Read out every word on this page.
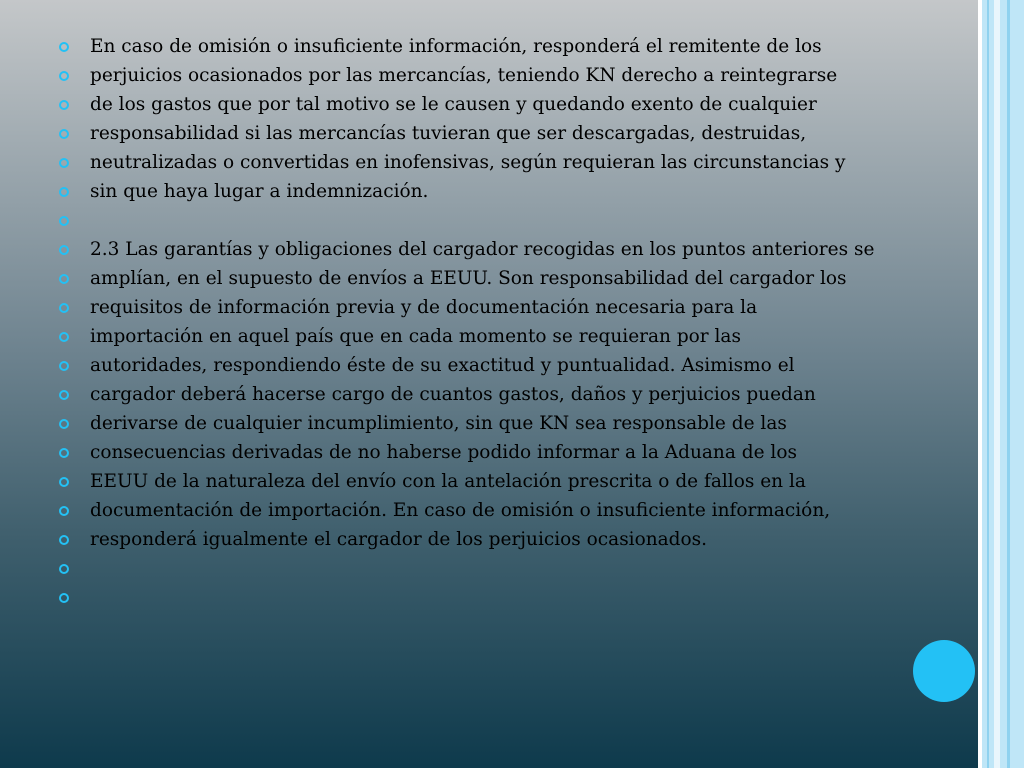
En caso de omisión o insuficiente información, responderá el remitente de los
perjuicios ocasionados por las mercancías, teniendo KN derecho a reintegrarse
de los gastos que por tal motivo se le causen y quedando exento de cualquier
responsabilidad si las mercancías tuvieran que ser descargadas, destruidas,
neutralizadas o convertidas en inofensivas, según requieran las circunstancias y
sin que haya lugar a indemnización.
2.3 Las garantías y obligaciones del cargador recogidas en los puntos anteriores se
amplían, en el supuesto de envíos a EEUU. Son responsabilidad del cargador los
requisitos de información previa y de documentación necesaria para la
importación en aquel país que en cada momento se requieran por las
autoridades, respondiendo éste de su exactitud y puntualidad. Asimismo el
cargador deberá hacerse cargo de cuantos gastos, daños y perjuicios puedan
derivarse de cualquier incumplimiento, sin que KN sea responsable de las
consecuencias derivadas de no haberse podido informar a la Aduana de los
EEUU de la naturaleza del envío con la antelación prescrita o de fallos en la
documentación de importación. En caso de omisión o insuficiente información,
responderá igualmente el cargador de los perjuicios ocasionados.
